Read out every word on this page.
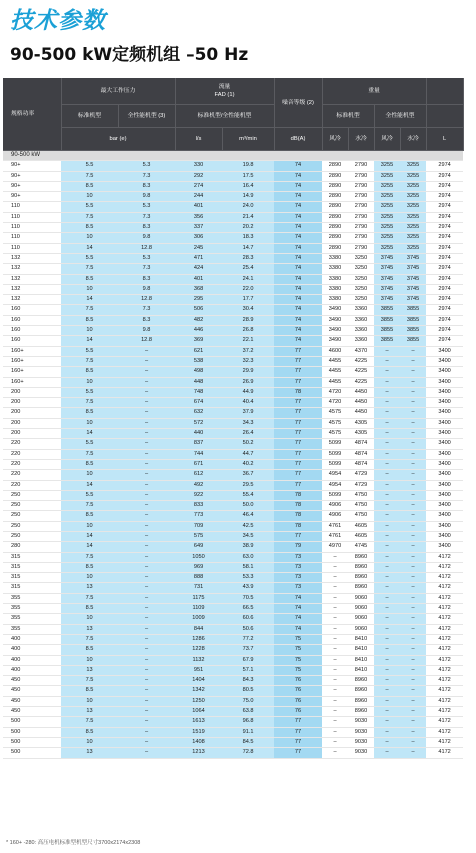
技术参数
90-500 kW定频机组 –50 Hz
规格功率	最大工作压力		流量
FAD (1)		噪音等级 (2)	重量				
	标准机型	全性能机型 (3)	标准机型/全性能机型			标准机型		全性能机型		
	bar (e)		l/s	m³/min	dB(A)	风冷	水冷	风冷	水冷	L
90-500 kW										
90+	5.5	5.3	330	19.8	74	2890	2790	3255	3255	2974
90+	7.5	7.3	292	17.5	74	2890	2790	3255	3255	2974
90+	8.5	8.3	274	16.4	74	2890	2790	3255	3255	2974
90+	10	9.8	244	14.9	74	2890	2790	3255	3255	2974
110	5.5	5.3	401	24.0	74	2890	2790	3255	3255	2974
110	7.5	7.3	356	21.4	74	2890	2790	3255	3255	2974
110	8.5	8.3	337	20.2	74	2890	2790	3255	3255	2974
110	10	9.8	306	18.3	74	2890	2790	3255	3255	2974
110	14	12.8	245	14.7	74	2890	2790	3255	3255	2974
132	5.5	5.3	471	28.3	74	3380	3250	3745	3745	2974
132	7.5	7.3	424	25.4	74	3380	3250	3745	3745	2974
132	8.5	8.3	401	24.1	74	3380	3250	3745	3745	2974
132	10	9.8	368	22.0	74	3380	3250	3745	3745	2974
132	14	12.8	295	17.7	74	3380	3250	3745	3745	2974
160	7.5	7.3	506	30.4	74	3490	3360	3855	3855	2974
160	8.5	8.3	482	28.9	74	3490	3360	3855	3855	2974
160	10	9.8	446	26.8	74	3490	3360	3855	3855	2974
160	14	12.8	369	22.1	74	3490	3360	3855	3855	2974
160+	5.5	–	621	37.2	77	4600	4370	–	–	3400
160+	7.5	–	538	32.3	77	4455	4225	–	–	3400
160+	8.5	–	498	29.9	77	4455	4225	–	–	3400
160+	10	–	448	26.9	77	4455	4225	–	–	3400
200	5.5	–	748	44.9	78	4720	4450	–	–	3400
200	7.5	–	674	40.4	77	4720	4450	–	–	3400
200	8.5	–	632	37.9	77	4575	4450	–	–	3400
200	10	–	572	34.3	77	4575	4305	–	–	3400
200	14	–	440	26.4	77	4575	4305	–	–	3400
220	5.5	–	837	50.2	77	5099	4874	–	–	3400
220	7.5	–	744	44.7	77	5099	4874	–	–	3400
220	8.5	–	671	40.2	77	5099	4874	–	–	3400
220	10	–	612	36.7	77	4954	4729	–	–	3400
220	14	–	492	29.5	77	4954	4729	–	–	3400
250	5.5	–	922	55.4	78	5099	4750	–	–	3400
250	7.5	–	833	50.0	78	4906	4750	–	–	3400
250	8.5	–	773	46.4	78	4906	4750	–	–	3400
250	10	–	709	42.5	78	4761	4605	–	–	3400
250	14	–	575	34.5	77	4761	4605	–	–	3400
280	14	–	649	38.9	79	4970	4745	–	–	3400
315	7.5	–	1050	63.0	73	–	8960	–	–	4172
315	8.5	–	969	58.1	73	–	8960	–	–	4172
315	10	–	888	53.3	73	–	8960	–	–	4172
315	13	–	731	43.9	73	–	8960	–	–	4172
355	7.5	–	1175	70.5	74	–	9060	–	–	4172
355	8.5	–	1109	66.5	74	–	9060	–	–	4172
355	10	–	1009	60.6	74	–	9060	–	–	4172
355	13	–	844	50.6	74	–	9060	–	–	4172
400	7.5	–	1286	77.2	75	–	8410	–	–	4172
400	8.5	–	1228	73.7	75	–	8410	–	–	4172
400	10	–	1132	67.9	75	–	8410	–	–	4172
400	13	–	951	57.1	75	–	8410	–	–	4172
450	7.5	–	1404	84.3	76	–	8960	–	–	4172
450	8.5	–	1342	80.5	76	–	8960	–	–	4172
450	10	–	1250	75.0	76	–	8960	–	–	4172
450	13	–	1064	63.8	76	–	8960	–	–	4172
500	7.5	–	1613	96.8	77	–	9030	–	–	4172
500	8.5	–	1519	91.1	77	–	9030	–	–	4172
500	10	–	1408	84.5	77	–	9030	–	–	4172
500	13	–	1213	72.8	77	–	9030	–	–	4172
* 160+ -280: 高压电机标准型机型尺寸3700x2174x2308
